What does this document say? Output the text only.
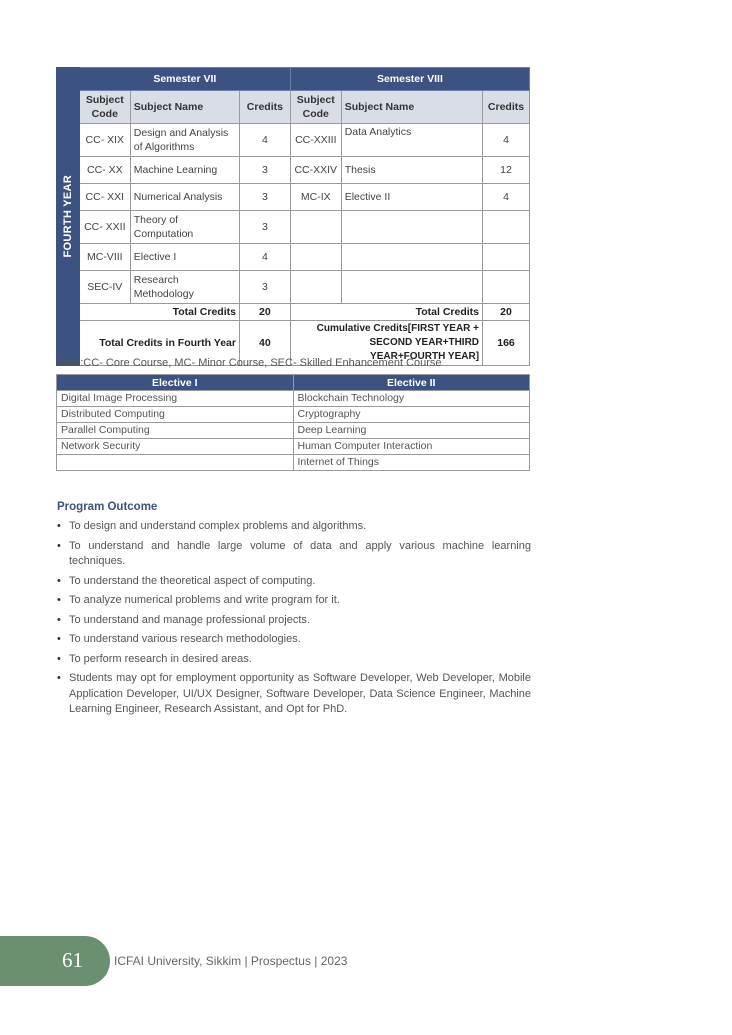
FOURTH YEAR	Semester VII			Semester VIII		
	Subject Code	Subject Name	Credits	Subject Code	Subject Name	Credits
	CC- XIX	Design and Analysis of Algorithms	4	CC-XXIII	Data Analytics	4
	CC- XX	Machine Learning	3	CC-XXIV	Thesis	12
	CC- XXI	Numerical Analysis	3	MC-IX	Elective II	4
	CC- XXII	Theory of Computation	3			
	MC-VIII	Elective I	4			
	SEC-IV	Research Methodology	3			
	Total Credits		20	Total Credits		20
	Total Credits in Fourth Year		40	Cumulative Credits[FIRST YEAR + SECOND YEAR+THIRD YEAR+FOURTH YEAR]		166
Note:CC- Core Course, MC- Minor Course, SEC- Skilled Enhancement Course
Elective I	Elective II
Digital Image Processing	Blockchain Technology
Distributed Computing	Cryptography
Parallel Computing	Deep Learning
Network Security	Human Computer Interaction
	Internet of Things
Program Outcome
• To design and understand complex problems and algorithms.
• To understand and handle large volume of data and apply various machine learning techniques.
• To understand the theoretical aspect of computing.
• To analyze numerical problems and write program for it.
• To understand and manage professional projects.
• To understand various research methodologies.
• To perform research in desired areas.
• Students may opt for employment opportunity as Software Developer, Web Developer, Mobile Application Developer, UI/UX Designer, Software Developer, Data Science Engineer, Machine Learning Engineer, Research Assistant, and Opt for PhD.
61	ICFAI University, Sikkim | Prospectus | 2023
